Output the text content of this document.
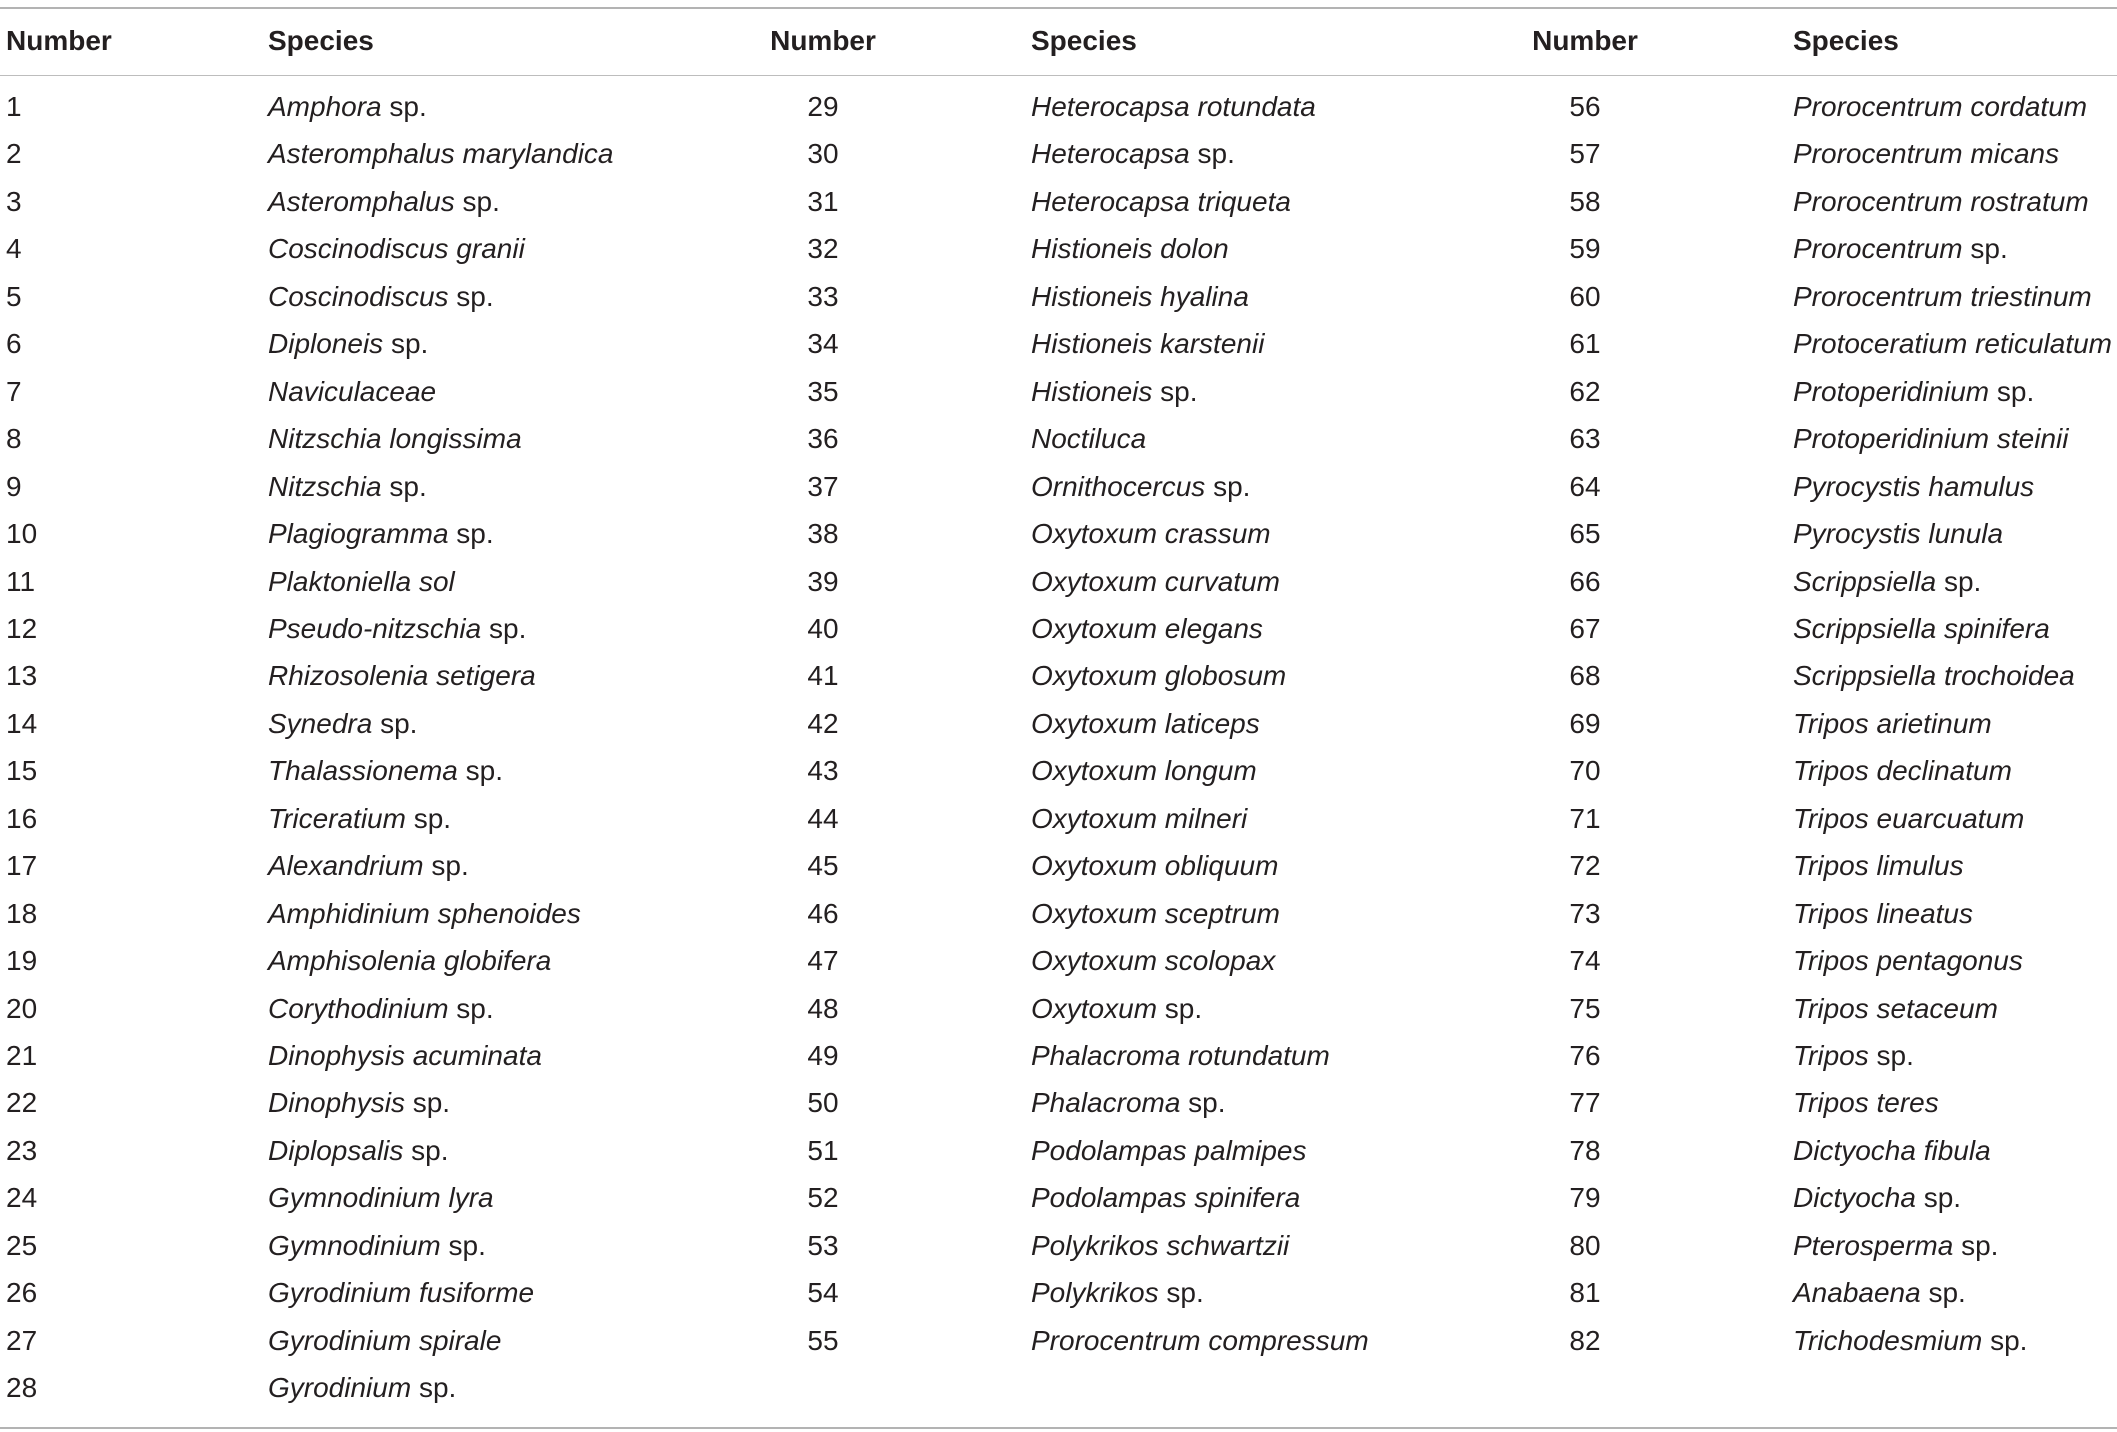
Number	Species	Number	Species	Number	Species
1	Amphora sp.	29	Heterocapsa rotundata	56	Prorocentrum cordatum
2	Asteromphalus marylandica	30	Heterocapsa sp.	57	Prorocentrum micans
3	Asteromphalus sp.	31	Heterocapsa triqueta	58	Prorocentrum rostratum
4	Coscinodiscus granii	32	Histioneis dolon	59	Prorocentrum sp.
5	Coscinodiscus sp.	33	Histioneis hyalina	60	Prorocentrum triestinum
6	Diploneis sp.	34	Histioneis karstenii	61	Protoceratium reticulatum
7	Naviculaceae	35	Histioneis sp.	62	Protoperidinium sp.
8	Nitzschia longissima	36	Noctiluca	63	Protoperidinium steinii
9	Nitzschia sp.	37	Ornithocercus sp.	64	Pyrocystis hamulus
10	Plagiogramma sp.	38	Oxytoxum crassum	65	Pyrocystis lunula
11	Plaktoniella sol	39	Oxytoxum curvatum	66	Scrippsiella sp.
12	Pseudo-nitzschia sp.	40	Oxytoxum elegans	67	Scrippsiella spinifera
13	Rhizosolenia setigera	41	Oxytoxum globosum	68	Scrippsiella trochoidea
14	Synedra sp.	42	Oxytoxum laticeps	69	Tripos arietinum
15	Thalassionema sp.	43	Oxytoxum longum	70	Tripos declinatum
16	Triceratium sp.	44	Oxytoxum milneri	71	Tripos euarcuatum
17	Alexandrium sp.	45	Oxytoxum obliquum	72	Tripos limulus
18	Amphidinium sphenoides	46	Oxytoxum sceptrum	73	Tripos lineatus
19	Amphisolenia globifera	47	Oxytoxum scolopax	74	Tripos pentagonus
20	Corythodinium sp.	48	Oxytoxum sp.	75	Tripos setaceum
21	Dinophysis acuminata	49	Phalacroma rotundatum	76	Tripos sp.
22	Dinophysis sp.	50	Phalacroma sp.	77	Tripos teres
23	Diplopsalis sp.	51	Podolampas palmipes	78	Dictyocha fibula
24	Gymnodinium lyra	52	Podolampas spinifera	79	Dictyocha sp.
25	Gymnodinium sp.	53	Polykrikos schwartzii	80	Pterosperma sp.
26	Gyrodinium fusiforme	54	Polykrikos sp.	81	Anabaena sp.
27	Gyrodinium spirale	55	Prorocentrum compressum	82	Trichodesmium sp.
28	Gyrodinium sp.
